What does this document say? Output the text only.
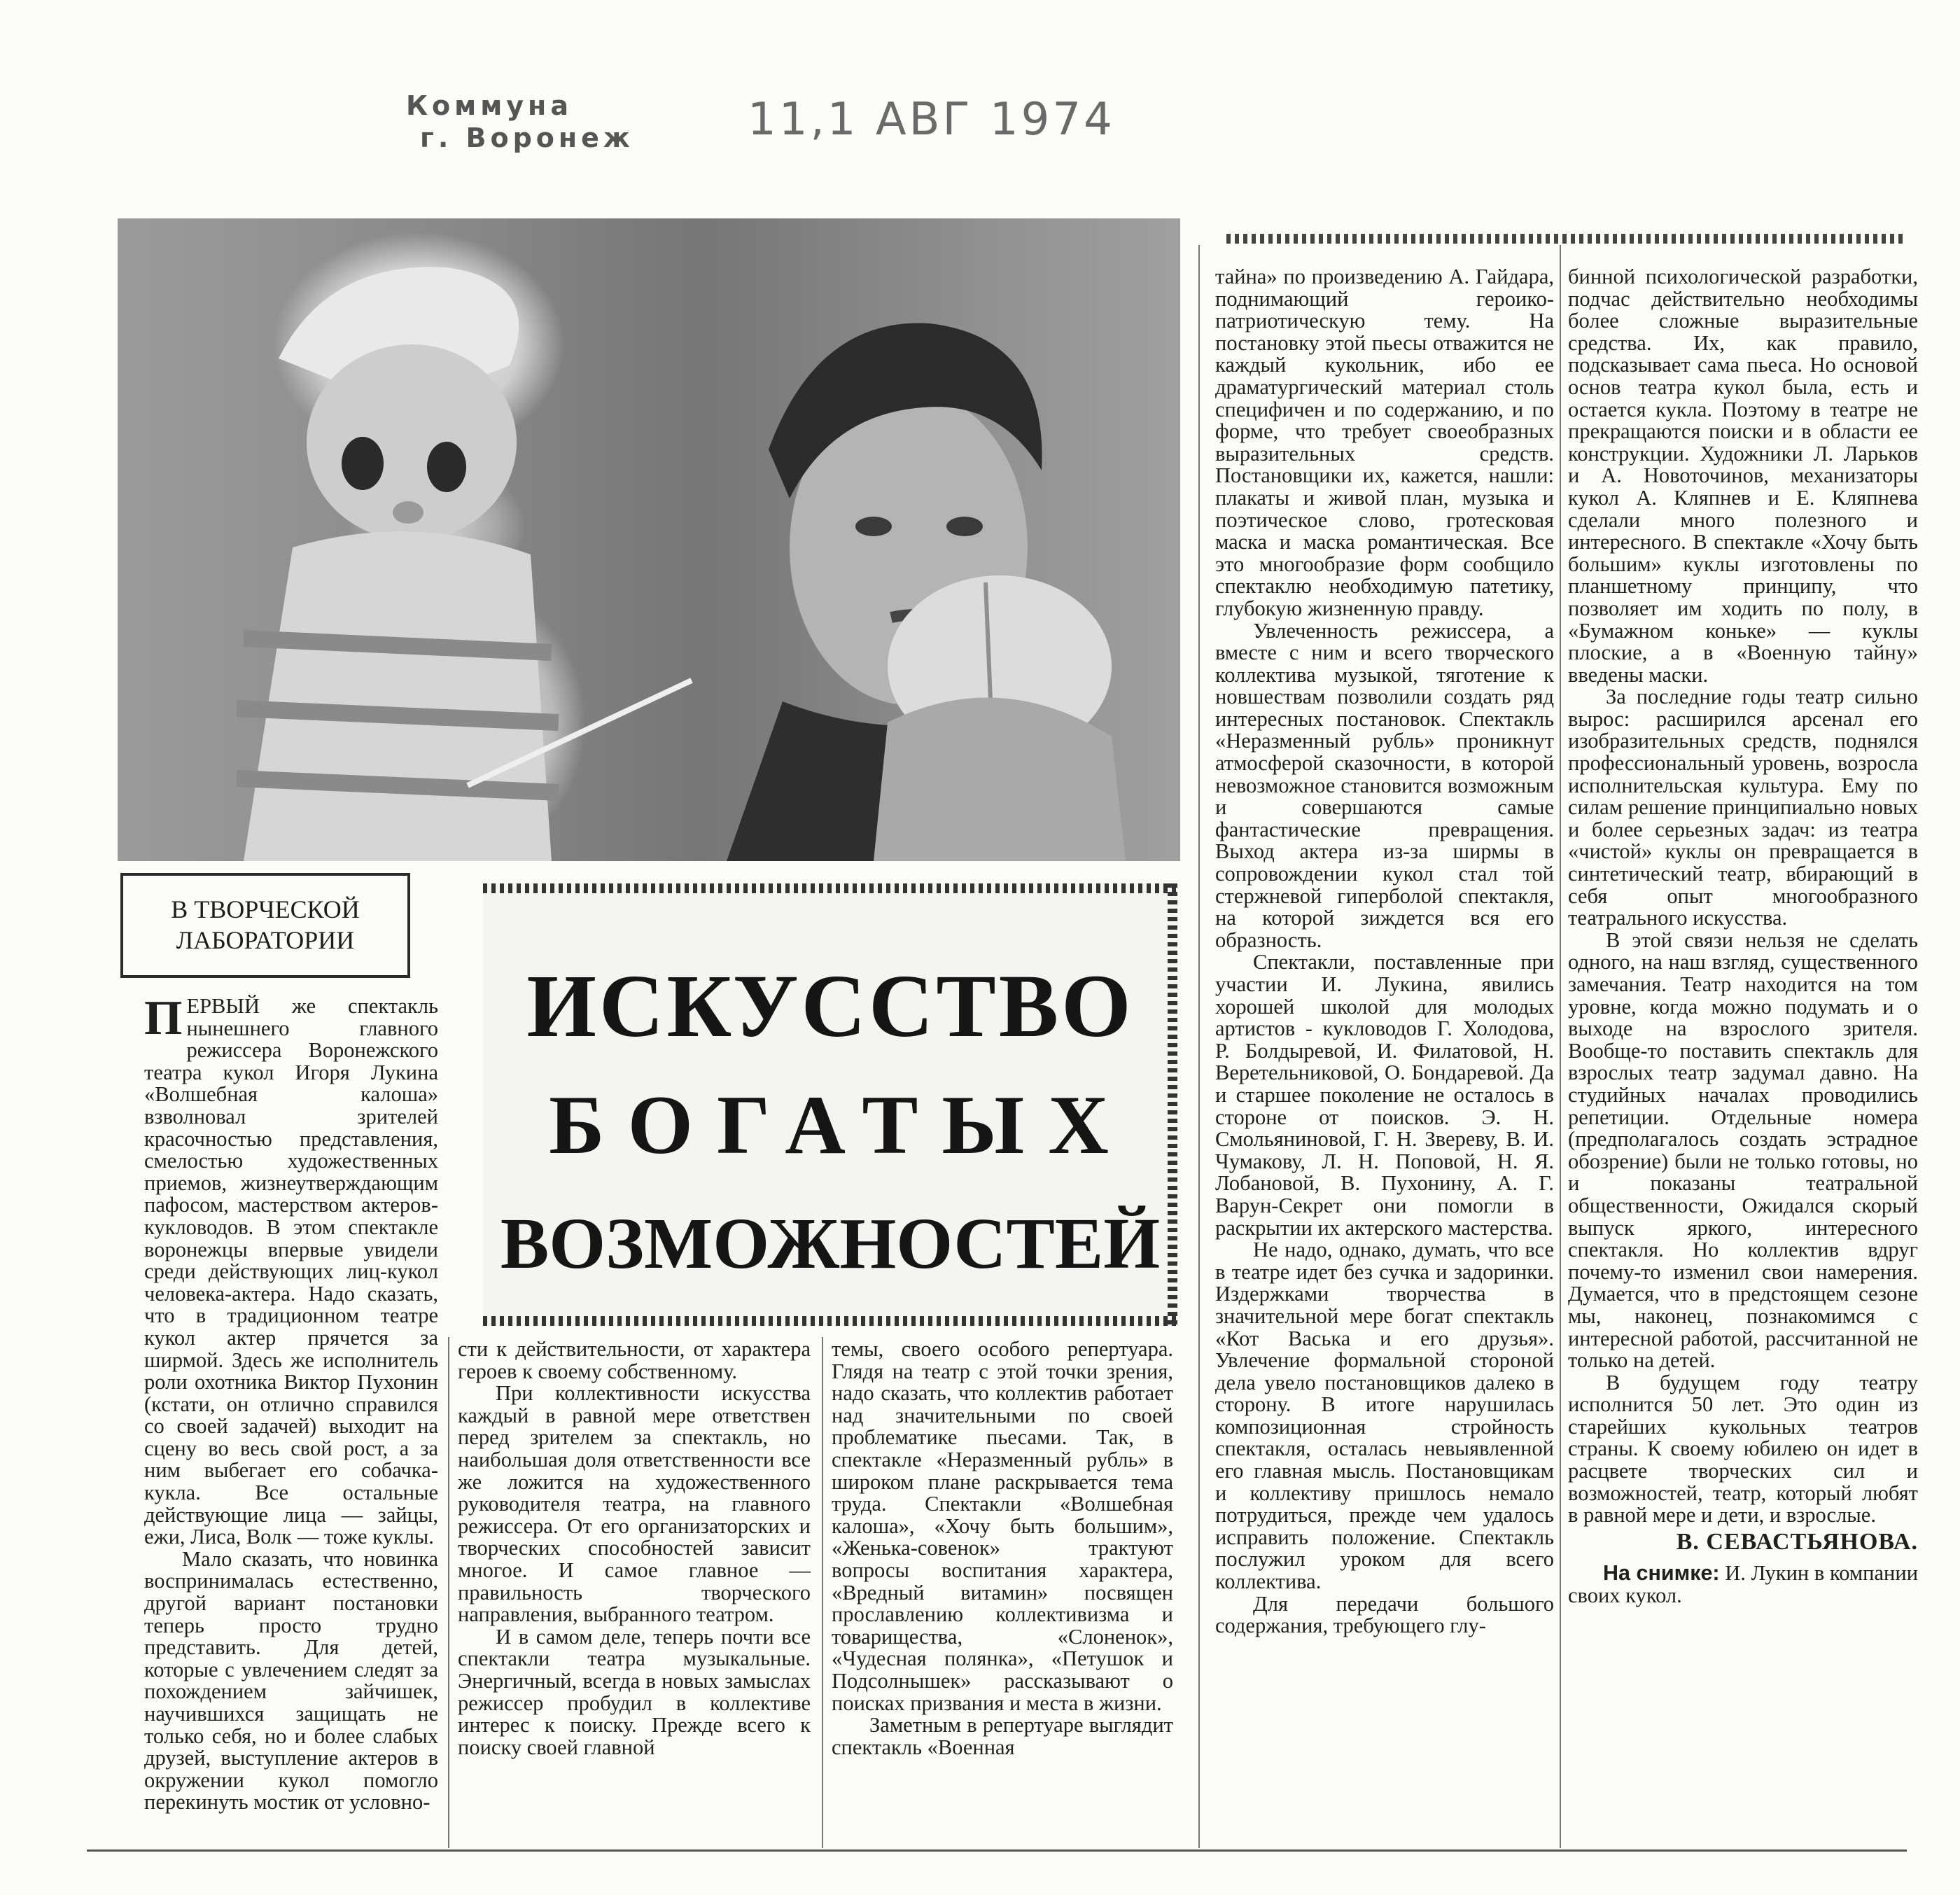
Коммуна
г. Воронеж	11,1 АВГ 1974
В ТВОРЧЕСКОЙ
ЛАБОРАТОРИИ
ИСКУССТВО
БОГАТЫХ
ВОЗМОЖНОСТЕЙ

ПЕРВЫЙ же спектакль нынешнего главного режиссера Воронежского театра кукол Игоря Лукина «Волшебная калоша» взволновал зрителей красочностью представления, смелостью художественных приемов, жизнеутверждающим пафосом, мастерством актеров-кукловодов. В этом спектакле воронежцы впервые увидели среди действующих лиц-кукол человека-актера. Надо сказать, что в традиционном театре кукол актер прячется за ширмой. Здесь же исполнитель роли охотника Виктор Пухонин (кстати, он отлично справился со своей задачей) выходит на сцену во весь свой рост, а за ним выбегает его собачка-кукла. Все остальные действующие лица — зайцы, ежи, Лиса, Волк — тоже куклы.

Мало сказать, что новинка воспринималась естественно, другой вариант постановки теперь просто трудно представить. Для детей, которые с увлечением следят за похождением зайчишек, научившихся защищать не только себя, но и более слабых друзей, выступление актеров в окружении кукол помогло перекинуть мостик от условно-

сти к действительности, от характера героев к своему собственному.

При коллективности искусства каждый в равной мере ответствен перед зрителем за спектакль, но наибольшая доля ответственности все же ложится на художественного руководителя театра, на главного режиссера. От его организаторских и творческих способностей зависит многое. И самое главное — правильность творческого направления, выбранного театром.

И в самом деле, теперь почти все спектакли театра музыкальные. Энергичный, всегда в новых замыслах режиссер пробудил в коллективе интерес к поиску. Прежде всего к поиску своей главной

темы, своего особого репертуара. Глядя на театр с этой точки зрения, надо сказать, что коллектив работает над значительными по своей проблематике пьесами. Так, в спектакле «Неразменный рубль» в широком плане раскрывается тема труда. Спектакли «Волшебная калоша», «Хочу быть большим», «Женька-совенок» трактуют вопросы воспитания характера, «Вредный витамин» посвящен прославлению коллективизма и товарищества, «Слоненок», «Чудесная полянка», «Петушок и Подсолнышек» рассказывают о поисках призвания и места в жизни.

Заметным в репертуаре выглядит спектакль «Военная

тайна» по произведению А. Гайдара, поднимающий героико-патриотическую тему. На постановку этой пьесы отважится не каждый кукольник, ибо ее драматургический материал столь специфичен и по содержанию, и по форме, что требует своеобразных выразительных средств. Постановщики их, кажется, нашли: плакаты и живой план, музыка и поэтическое слово, гротесковая маска и маска романтическая. Все это многообразие форм сообщило спектаклю необходимую патетику, глубокую жизненную правду.

Увлеченность режиссера, а вместе с ним и всего творческого коллектива музыкой, тяготение к новшествам позволили создать ряд интересных постановок. Спектакль «Неразменный рубль» проникнут атмосферой сказочности, в которой невозможное становится возможным и совершаются самые фантастические превращения. Выход актера из-за ширмы в сопровождении кукол стал той стержневой гиперболой спектакля, на которой зиждется вся его образность.

Спектакли, поставленные при участии И. Лукина, явились хорошей школой для молодых артистов - кукловодов Г. Холодова, Р. Болдыревой, И. Филатовой, Н. Веретельниковой, О. Бондаревой. Да и старшее поколение не осталось в стороне от поисков. Э. Н. Смольяниновой, Г. Н. Звереву, В. И. Чумакову, Л. Н. Поповой, Н. Я. Лобановой, В. Пухонину, А. Г. Варун-Секрет они помогли в раскрытии их актерского мастерства.

Не надо, однако, думать, что все в театре идет без сучка и задоринки. Издержками творчества в значительной мере богат спектакль «Кот Васька и его друзья». Увлечение формальной стороной дела увело постановщиков далеко в сторону. В итоге нарушилась композиционная стройность спектакля, осталась невыявленной его главная мысль. Постановщикам и коллективу пришлось немало потрудиться, прежде чем удалось исправить положение. Спектакль послужил уроком для всего коллектива.

Для передачи большого содержания, требующего глу-

бинной психологической разработки, подчас действительно необходимы более сложные выразительные средства. Их, как правило, подсказывает сама пьеса. Но основой основ театра кукол была, есть и остается кукла. Поэтому в театре не прекращаются поиски и в области ее конструкции. Художники Л. Ларьков и А. Новоточинов, механизаторы кукол А. Кляпнев и Е. Кляпнева сделали много полезного и интересного. В спектакле «Хочу быть большим» куклы изготовлены по планшетному принципу, что позволяет им ходить по полу, в «Бумажном коньке» — куклы плоские, а в «Военную тайну» введены маски.

За последние годы театр сильно вырос: расширился арсенал его изобразительных средств, поднялся профессиональный уровень, возросла исполнительская культура. Ему по силам решение принципиально новых и более серьезных задач: из театра «чистой» куклы он превращается в синтетический театр, вбирающий в себя опыт многообразного театрального искусства.

В этой связи нельзя не сделать одного, на наш взгляд, существенного замечания. Театр находится на том уровне, когда можно подумать и о выходе на взрослого зрителя. Вообще-то поставить спектакль для взрослых театр задумал давно. На студийных началах проводились репетиции. Отдельные номера (предполагалось создать эстрадное обозрение) были не только готовы, но и показаны театральной общественности, Ожидался скорый выпуск яркого, интересного спектакля. Но коллектив вдруг почему-то изменил свои намерения. Думается, что в предстоящем сезоне мы, наконец, познакомимся с интересной работой, рассчитанной не только на детей.

В будущем году театру исполнится 50 лет. Это один из старейших кукольных театров страны. К своему юбилею он идет в расцвете творческих сил и возможностей, театр, который любят в равной мере и дети, и взрослые.

В. СЕВАСТЬЯНОВА.

На снимке: И. Лукин в компании своих кукол.
